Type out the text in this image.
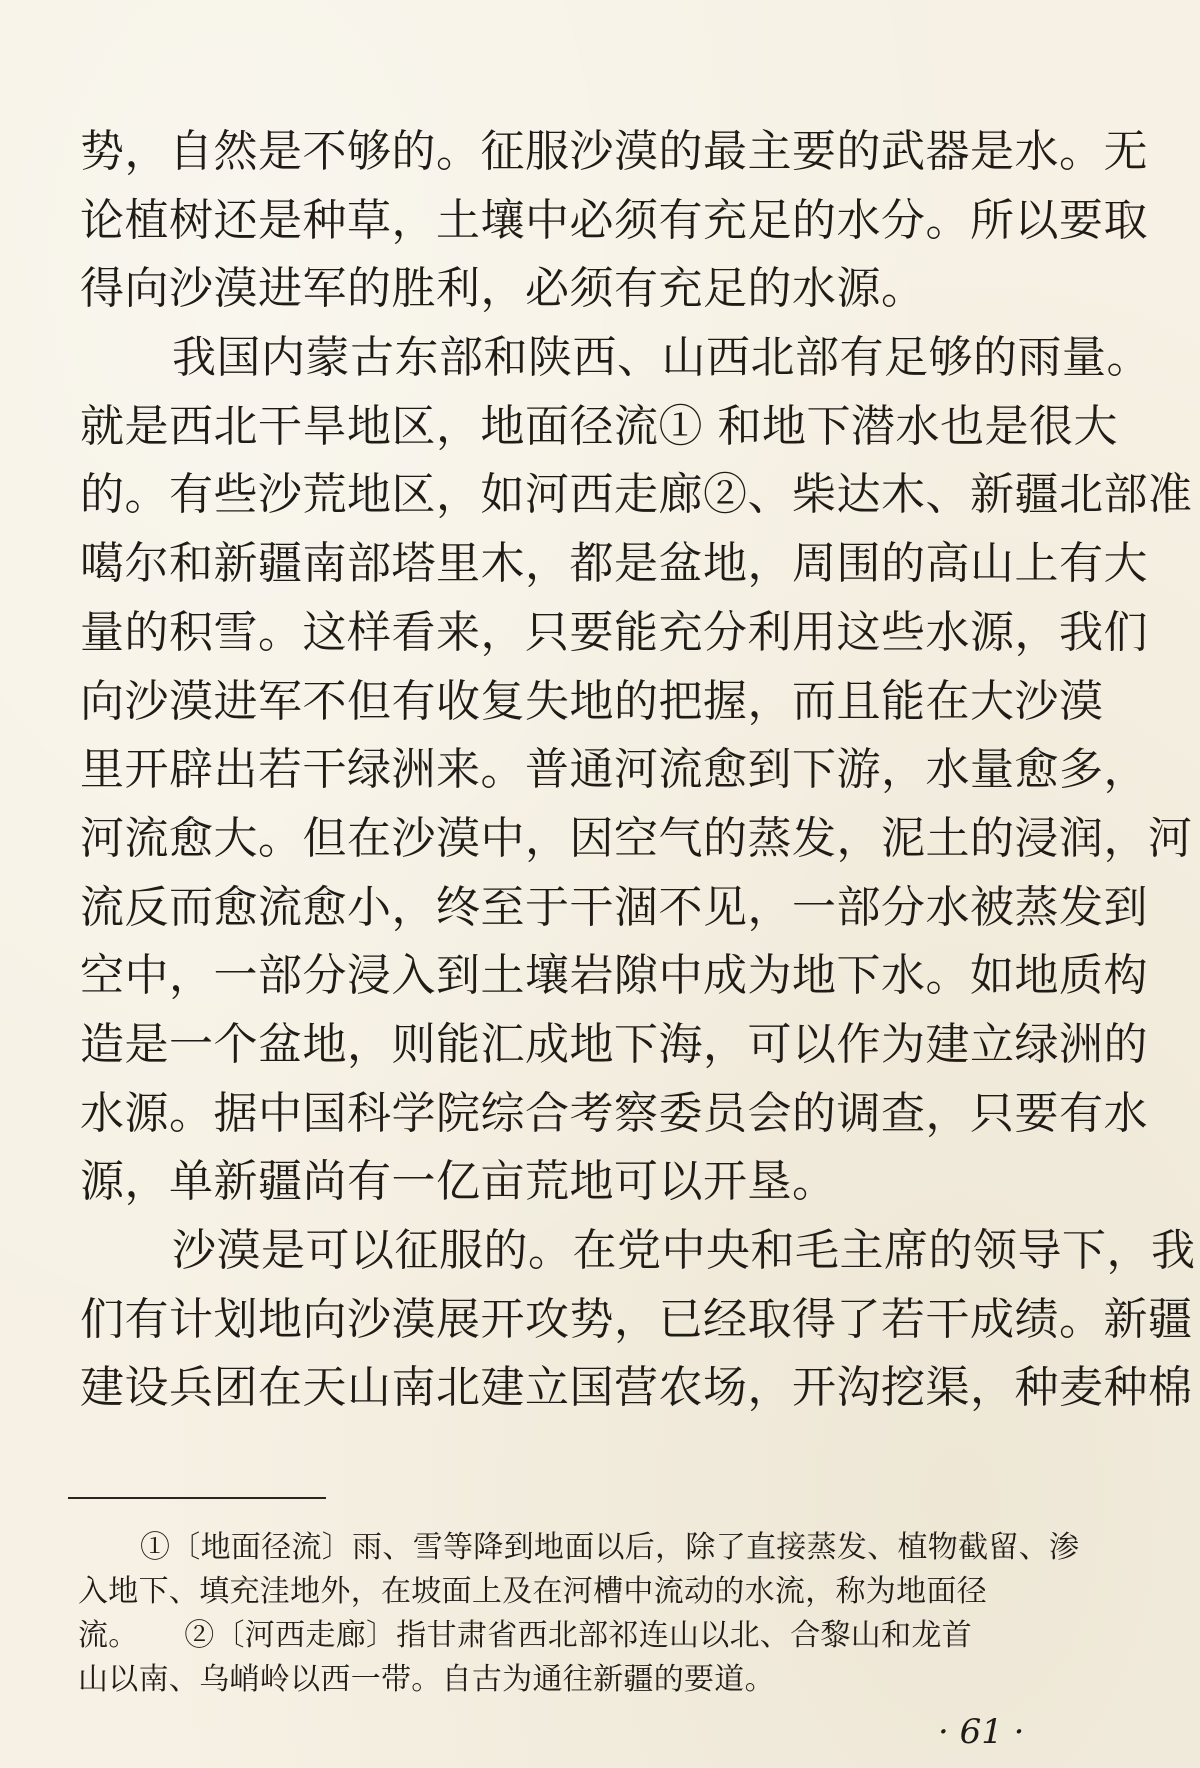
势，自然是不够的。征服沙漠的最主要的武器是水。无
论植树还是种草，土壤中必须有充足的水分。所以要取
得向沙漠进军的胜利，必须有充足的水源。
我国内蒙古东部和陕西、山西北部有足够的雨量。
就是西北干旱地区，地面径流① 和地下潜水也是很大
的。有些沙荒地区，如河西走廊②、柴达木、新疆北部准
噶尔和新疆南部塔里木，都是盆地，周围的高山上有大
量的积雪。这样看来，只要能充分利用这些水源，我们
向沙漠进军不但有收复失地的把握，而且能在大沙漠
里开辟出若干绿洲来。普通河流愈到下游，水量愈多，
河流愈大。但在沙漠中，因空气的蒸发，泥土的浸润，河
流反而愈流愈小，终至于干涸不见，一部分水被蒸发到
空中，一部分浸入到土壤岩隙中成为地下水。如地质构
造是一个盆地，则能汇成地下海，可以作为建立绿洲的
水源。据中国科学院综合考察委员会的调查，只要有水
源，单新疆尚有一亿亩荒地可以开垦。
沙漠是可以征服的。在党中央和毛主席的领导下，我
们有计划地向沙漠展开攻势，已经取得了若干成绩。新疆
建设兵团在天山南北建立国营农场，开沟挖渠，种麦种棉
①〔地面径流〕雨、雪等降到地面以后，除了直接蒸发、植物截留、渗
入地下、填充洼地外，在坡面上及在河槽中流动的水流，称为地面径
流。　　②〔河西走廊〕指甘肃省西北部祁连山以北、合黎山和龙首
山以南、乌峭岭以西一带。自古为通往新疆的要道。
· 61 ·
